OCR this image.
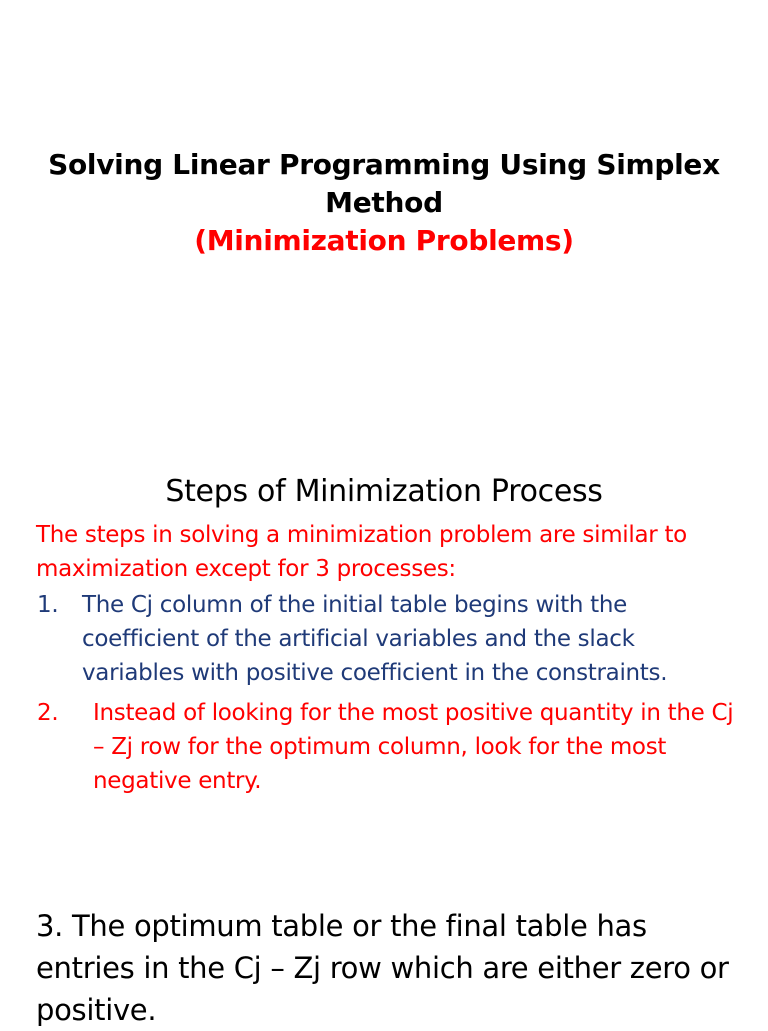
Solving Linear Programming Using Simplex Method
(Minimization Problems)
Steps of Minimization Process
The steps in solving a minimization problem are similar to maximization except for 3 processes:
1. The Cj column of the initial table begins with the coefficient of the artificial variables and the slack variables with positive coefficient in the constraints.
2. Instead of looking for the most positive quantity in the Cj – Zj row for the optimum column, look for the most negative entry.
3. The optimum table or the final table has entries in the Cj – Zj row which are either zero or positive.
